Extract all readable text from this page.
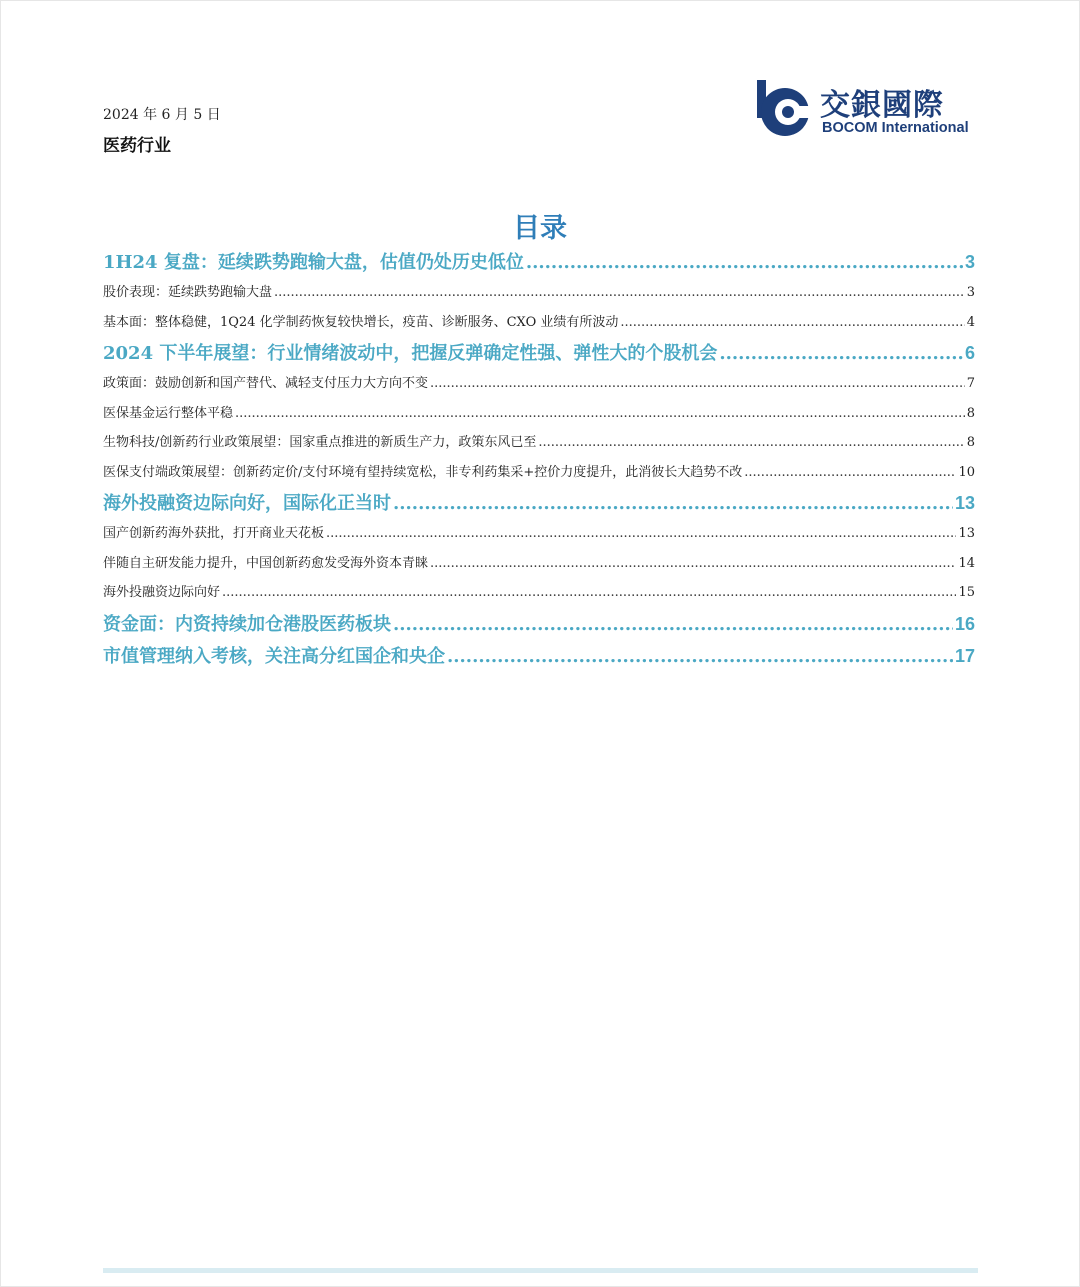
2024 年 6 月 5 日
医药行业
交銀國際
BOCOM International
目录
1H24 复盘：延续跌势跑输大盘，估值仍处历史低位 .....	3
股价表现：延续跌势跑输大盘 .....	3
基本面：整体稳健，1Q24 化学制药恢复较快增长，疫苗、诊断服务、CXO 业绩有所波动 .....	4
2024 下半年展望：行业情绪波动中，把握反弹确定性强、弹性大的个股机会 .....	6
政策面：鼓励创新和国产替代、减轻支付压力大方向不变 .....	7
医保基金运行整体平稳 .....	8
生物科技/创新药行业政策展望：国家重点推进的新质生产力，政策东风已至 .....	8
医保支付端政策展望：创新药定价/支付环境有望持续宽松，非专利药集采+控价力度提升，此消彼长大趋势不改 .....	10
海外投融资边际向好，国际化正当时 .....	13
国产创新药海外获批，打开商业天花板 .....	13
伴随自主研发能力提升，中国创新药愈发受海外资本青睐 .....	14
海外投融资边际向好 .....	15
资金面：内资持续加仓港股医药板块 .....	16
市值管理纳入考核，关注高分红国企和央企 .....	17
